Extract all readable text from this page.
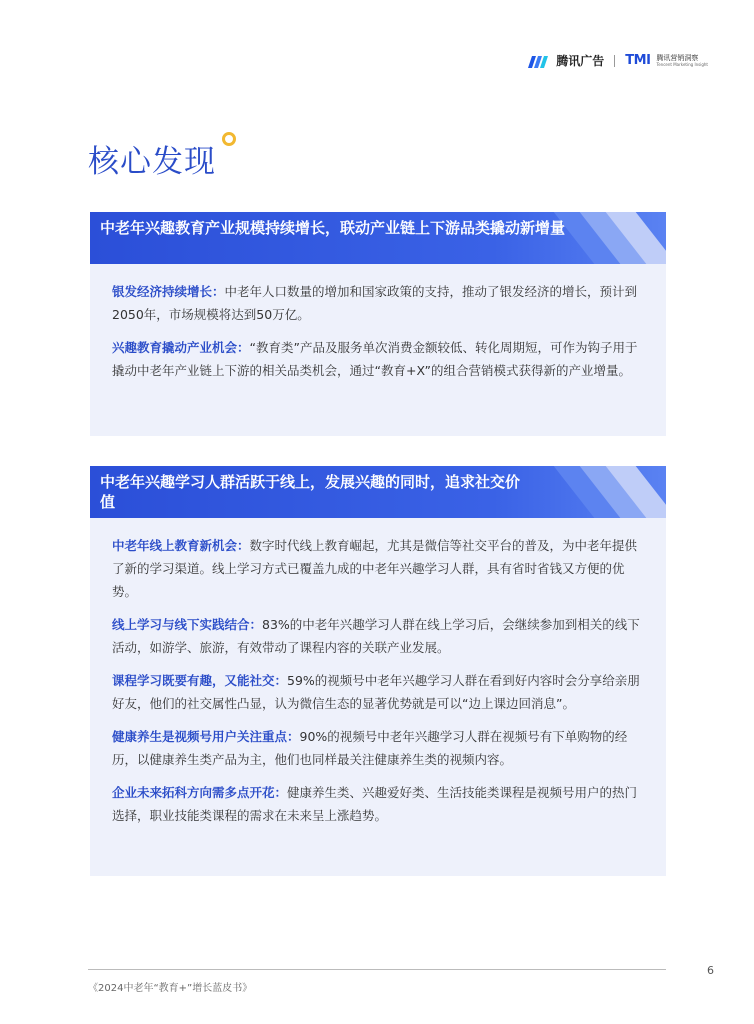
腾讯广告 TMI 腾讯营销洞察
Tencent Marketing Insight
核心发现
中老年兴趣教育产业规模持续增长，联动产业链上下游品类撬动新增量

银发经济持续增长：中老年人口数量的增加和国家政策的支持，推动了银发经济的增长，预计到2050年，市场规模将达到50万亿。

兴趣教育撬动产业机会：“教育类”产品及服务单次消费金额较低、转化周期短，可作为钩子用于撬动中老年产业链上下游的相关品类机会，通过“教育+X”的组合营销模式获得新的产业增量。

中老年兴趣学习人群活跃于线上，发展兴趣的同时，追求社交价值

中老年线上教育新机会：数字时代线上教育崛起，尤其是微信等社交平台的普及，为中老年提供了新的学习渠道。线上学习方式已覆盖九成的中老年兴趣学习人群，具有省时省钱又方便的优势。

线上学习与线下实践结合：83%的中老年兴趣学习人群在线上学习后，会继续参加到相关的线下活动，如游学、旅游，有效带动了课程内容的关联产业发展。

课程学习既要有趣，又能社交：59%的视频号中老年兴趣学习人群在看到好内容时会分享给亲朋好友，他们的社交属性凸显，认为微信生态的显著优势就是可以“边上课边回消息”。

健康养生是视频号用户关注重点：90%的视频号中老年兴趣学习人群在视频号有下单购物的经历，以健康养生类产品为主，他们也同样最关注健康养生类的视频内容。

企业未来拓科方向需多点开花：健康养生类、兴趣爱好类、生活技能类课程是视频号用户的热门选择，职业技能类课程的需求在未来呈上涨趋势。

6
《2024中老年“教育+”增长蓝皮书》
